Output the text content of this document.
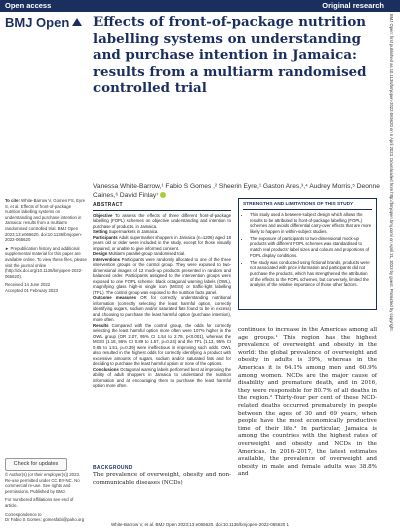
Open access	Original research
BMJ Open	Effects of front-of-package nutrition labelling systems on understanding and purchase intention in Jamaica: results from a multiarm randomised controlled trial

Vanessa White-Barrow,¹ Fabio S Gomes ,² Sheerin Eyre,¹ Gaston Ares,³,⁴ Audrey Morris,⁵ Deonne Caines,⁶ David Finlay⁷

To cite: White-Barrow V, Gomes FS, Eyre S, et al. Effects of front-of-package nutrition labelling systems on understanding and purchase intention in Jamaica: results from a multiarm randomised controlled trial. BMJ Open 2023;13:e065620. doi:10.1136/bmjopen-2022-065620

► Prepublication history and additional supplemental material for this paper are available online. To view these files, please visit the journal online (http://dx.doi.org/10.1136/bmjopen-2022-065620).

Received 14 June 2022

Accepted 01 February 2023

Check for updates

© Author(s) (or their employer(s)) 2023. Re-use permitted under CC BY-NC. No commercial re-use. See rights and permissions. Published by BMJ.

For numbered affiliations see end of article.

Correspondence to

Dr Fabio S Gomes; gomesfabi@paho.org

ABSTRACT

Objective To assess the effects of three different front-of-package labelling (FOPL) schemes on objective understanding and intention to purchase of products, in Jamaica.
Setting Supermarkets in Jamaica.
Participants Adult supermarket shoppers in Jamaica (n=1206) aged 18 years old or older were included in the study, except for those visually impaired, or unable to give informed consent.
Design Multiarm parallel-group randomised trial.
Interventions Participants were randomly allocated to one of the three intervention groups or the control group. They were exposed to two-dimensional images of 12 mock-up products presented in random and balanced order. Participants assigned to the intervention groups were exposed to one FOPL scheme: black octagonal warning labels (OWL), magnifying glass high-in single icon (MGSI) or traffic-light labelling (TFL). The control group was exposed to the nutrition facts panel.
Outcome measures OR for correctly understanding nutritional information (correctly selecting the least harmful option, correctly identifying sugars, sodium and/or saturated fats found to be in excess) and choosing to purchase the least harmful option (purchase intention), more often.
Results Compared with the control group, the odds for correctly selecting the least harmful option more often were 107% higher in the OWL group (OR 2.07, 95% CI 1.54 to 2.78, p<0.001), whereas the MGSI (1.18, 95% CI 0.89 to 1.57, p=0.24) and the TFL (1.13, 95% CI 0.85 to 1.51, p=0.39) were ineffectious in improving such odds. OWL also resulted in the highest odds for correctly identifying a product with excessive amounts of sugars, sodium and/or saturated fats and for deciding to purchase the least harmful option or none of the options.
Conclusions Octagonal warning labels performed best at improving the ability of adult shoppers in Jamaica to understand the nutrition information and at encouraging them to purchase the least harmful option more often.

BACKGROUND

The prevalence of overweight, obesity and non-communicable diseases (NCDs)

STRENGTHS AND LIMITATIONS OF THIS STUDY
• This study used a between-subject design which allows the results to be attributed to front-of-package labelling (FOPL) schemes and avoids differential carry-over effects that are more likely to happen in within-subject studies.
• The exposure of participants to two-dimensional mock-up products with different FOPL schemes was standardised to match real products' label sizes and colours and proportions of FOPL display conditions.
• The study was conducted using fictional brands, products were not associated with price information and participants did not purchase the products, which has strengthened the attribution of the effects to the FOPL schemes, but conversely, limited the analysis of the relative importance of those other factors.

continues to increase in the Americas among all age groups.¹ This region has the highest prevalence of overweight and obesity in the world: the global prevalence of overweight and obesity in adults is 39%, whereas in the Americas it is 64.1% among men and 60.9% among women. NCDs are the major cause of disability and premature death, and in 2016, they were responsible for 80.7% of all deaths in the region.² Thirty-four per cent of these NCD-related deaths occurred prematurely in people between the ages of 30 and 69 years, when people have the most economically productive time of their life.³ In particular, Jamaica is among the countries with the highest rates of overweight and obesity and NCDs in the Americas. In 2016–2017, the latest estimates available, the prevalence of overweight and obesity in male and female adults was 38.8% and

BMJ Open: first published as 10.1136/bmjopen-2022-065620 on 6 April 2023. Downloaded from http://bmjopen.bmj.com/ on April 21, 2023 by guest. Protected by copyright.
White-Barrow V, et al. BMJ Open 2023;13:e065620. doi:10.1136/bmjopen-2022-065620 1
